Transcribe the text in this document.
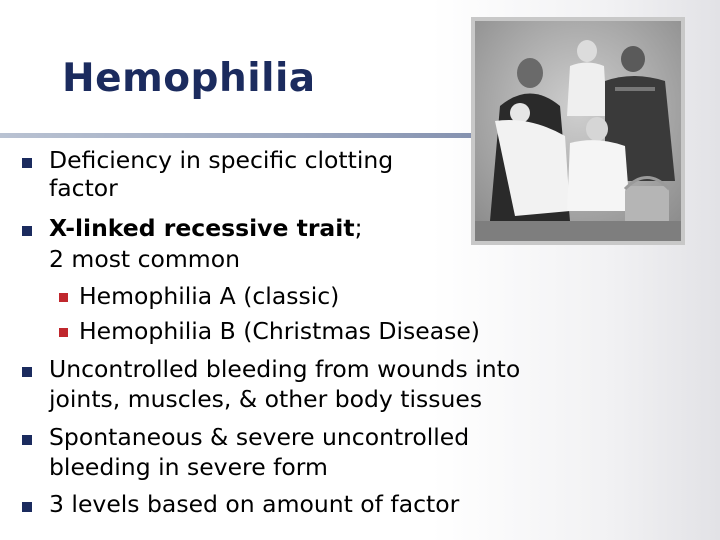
Hemophilia
Deficiency in specific clotting
factor
X-linked recessive trait;
2 most common
Hemophilia A (classic)
Hemophilia B (Christmas Disease)
Uncontrolled bleeding from wounds into
joints, muscles, & other body tissues
Spontaneous & severe uncontrolled
bleeding in severe form
3 levels based on amount of factor
